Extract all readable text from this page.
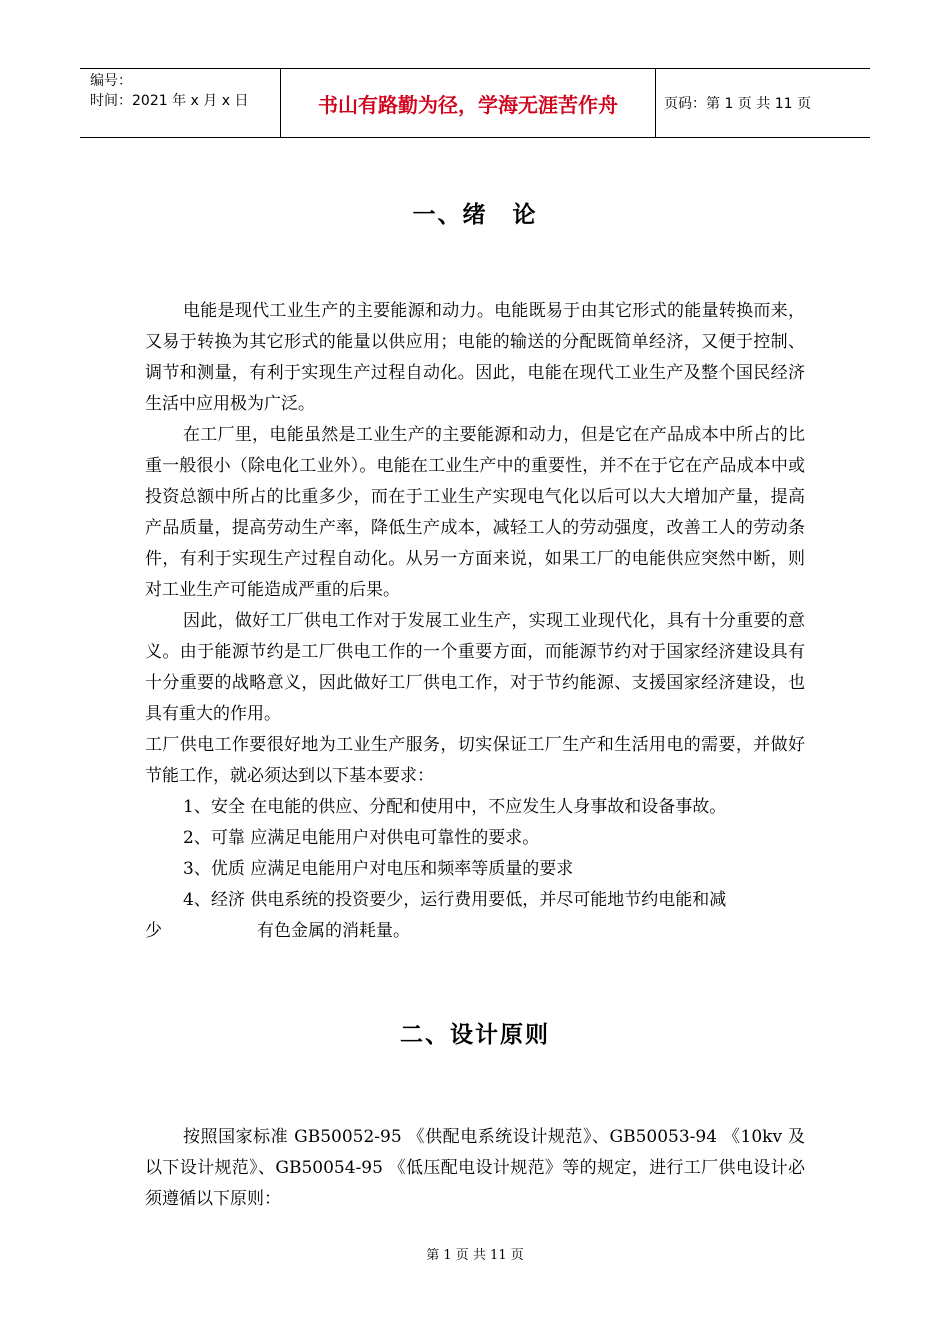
编号：
时间：2021 年 x 月 x 日	书山有路勤为径，学海无涯苦作舟	页码：第 1 页 共 11 页
一、绪　论

电能是现代工业生产的主要能源和动力。电能既易于由其它形式的能量转换而来，又易于转换为其它形式的能量以供应用；电能的输送的分配既简单经济，又便于控制、调节和测量，有利于实现生产过程自动化。因此，电能在现代工业生产及整个国民经济生活中应用极为广泛。

在工厂里，电能虽然是工业生产的主要能源和动力，但是它在产品成本中所占的比重一般很小（除电化工业外）。电能在工业生产中的重要性，并不在于它在产品成本中或投资总额中所占的比重多少，而在于工业生产实现电气化以后可以大大增加产量，提高产品质量，提高劳动生产率，降低生产成本，减轻工人的劳动强度，改善工人的劳动条件，有利于实现生产过程自动化。从另一方面来说，如果工厂的电能供应突然中断，则对工业生产可能造成严重的后果。

因此，做好工厂供电工作对于发展工业生产，实现工业现代化，具有十分重要的意义。由于能源节约是工厂供电工作的一个重要方面，而能源节约对于国家经济建设具有十分重要的战略意义，因此做好工厂供电工作，对于节约能源、支援国家经济建设，也具有重大的作用。

工厂供电工作要很好地为工业生产服务，切实保证工厂生产和生活用电的需要，并做好节能工作，就必须达到以下基本要求：

1、安全 在电能的供应、分配和使用中，不应发生人身事故和设备事故。

2、可靠 应满足电能用户对供电可靠性的要求。

3、优质 应满足电能用户对电压和频率等质量的要求

4、经济 供电系统的投资要少，运行费用要低，并尽可能地节约电能和减

少	有色金属的消耗量。

二、设计原则

按照国家标准 GB50052-95 《供配电系统设计规范》、GB50053-94 《10kv 及以下设计规范》、GB50054-95 《低压配电设计规范》等的规定，进行工厂供电设计必须遵循以下原则：

第 1 页 共 11 页
